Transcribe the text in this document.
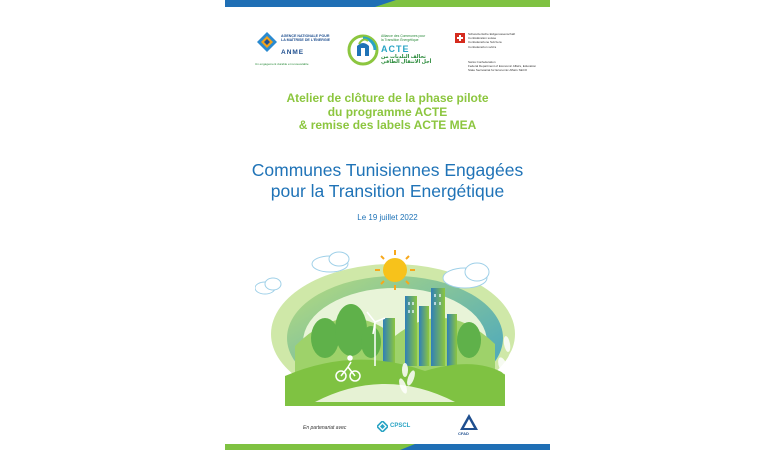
AGENCE NATIONALE POUR
LA MAÎTRISE DE L'ÉNERGIE
ANME
Un engagement durable et renouvelable
Alliance des Communes pour
la Transition Énergétique
ACTE
تحالف البلديات من
أجل الانتقال الطاقي
Schweizerische Eidgenossenschaft
Confédération suisse
Confederazione Svizzera
Confederaziun svizra
Swiss Confederation
Federal Department of Economic Affairs, Education
State Secretariat for Economic Affairs SECO
Atelier de clôture de la phase pilote
du programme ACTE
& remise des labels ACTE MEA
Communes Tunisiennes Engagées
pour la Transition Energétique
Le 19 juillet 2022
En partenariat avec	CPSCL
CFAD
